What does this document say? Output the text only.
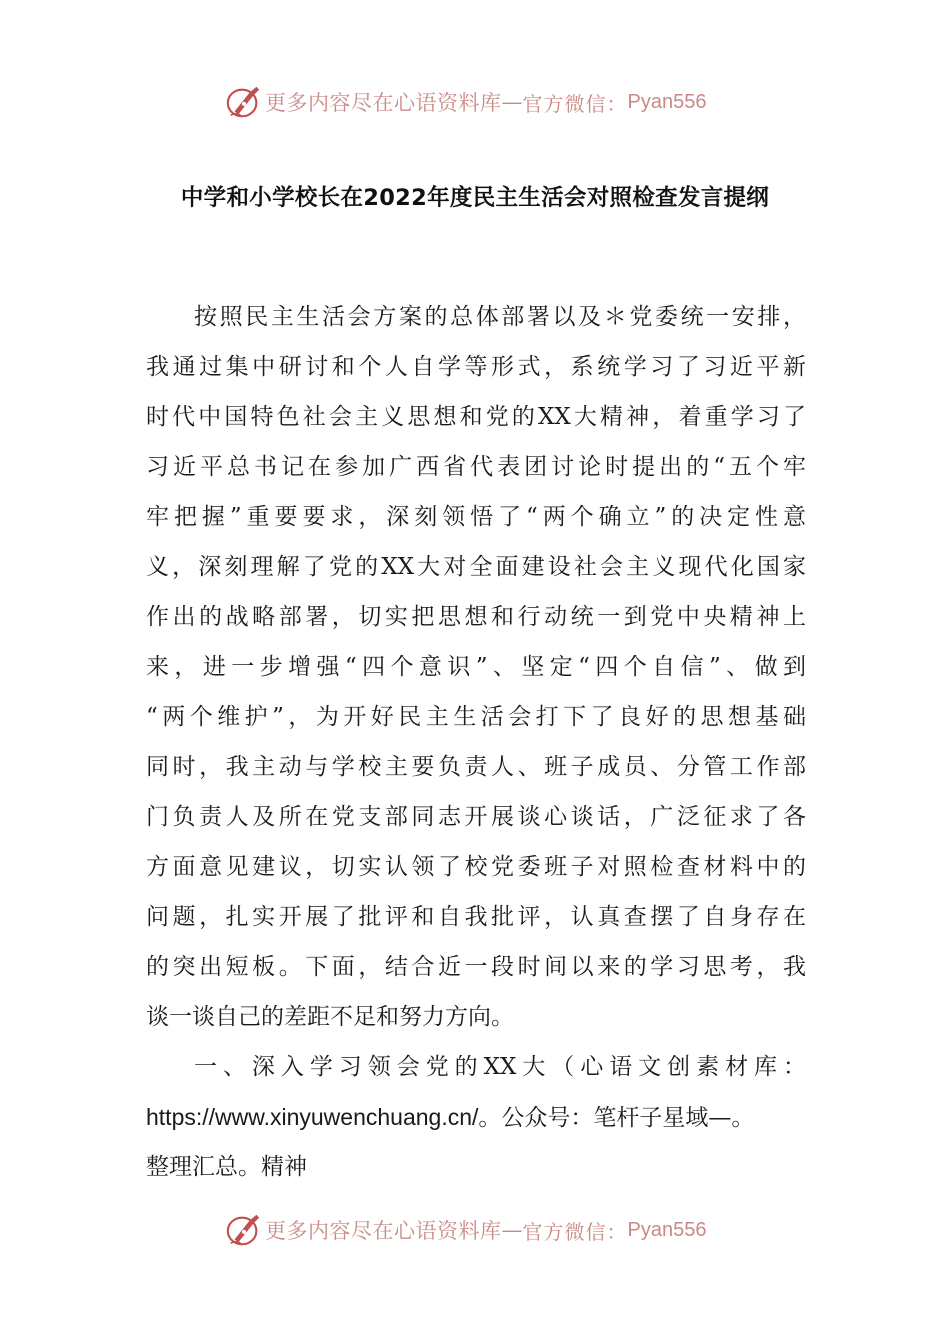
更多内容尽在心语资料库 — 官方微信： Pyan556
中学和小学校长在2022年度民主生活会对照检查发言提纲
按照民主生活会方案的总体部署以及＊党委统一安排，
我通过集中研讨和个人自学等形式，系统学习了习近平新
时代中国特色社会主义思想和党的XX大精神，着重学习了
习近平总书记在参加广西省代表团讨论时提出的“五个牢
牢把握”重要要求，深刻领悟了“两个确立”的决定性意
义，深刻理解了党的XX大对全面建设社会主义现代化国家
作出的战略部署，切实把思想和行动统一到党中央精神上
来，进一步增强“四个意识”、坚定“四个自信”、做到
“两个维护”，为开好民主生活会打下了良好的思想基础
同时，我主动与学校主要负责人、班子成员、分管工作部
门负责人及所在党支部同志开展谈心谈话，广泛征求了各
方面意见建议，切实认领了校党委班子对照检查材料中的
问题，扎实开展了批评和自我批评，认真查摆了自身存在
的突出短板。下面，结合近一段时间以来的学习思考，我
谈一谈自己的差距不足和努力方向。
一、深入学习领会党的XX大（心语文创素材库：
https://www.xinyuwenchuang.cn/。公众号：笔杆子星域—。
整理汇总。精神
更多内容尽在心语资料库 — 官方微信： Pyan556
